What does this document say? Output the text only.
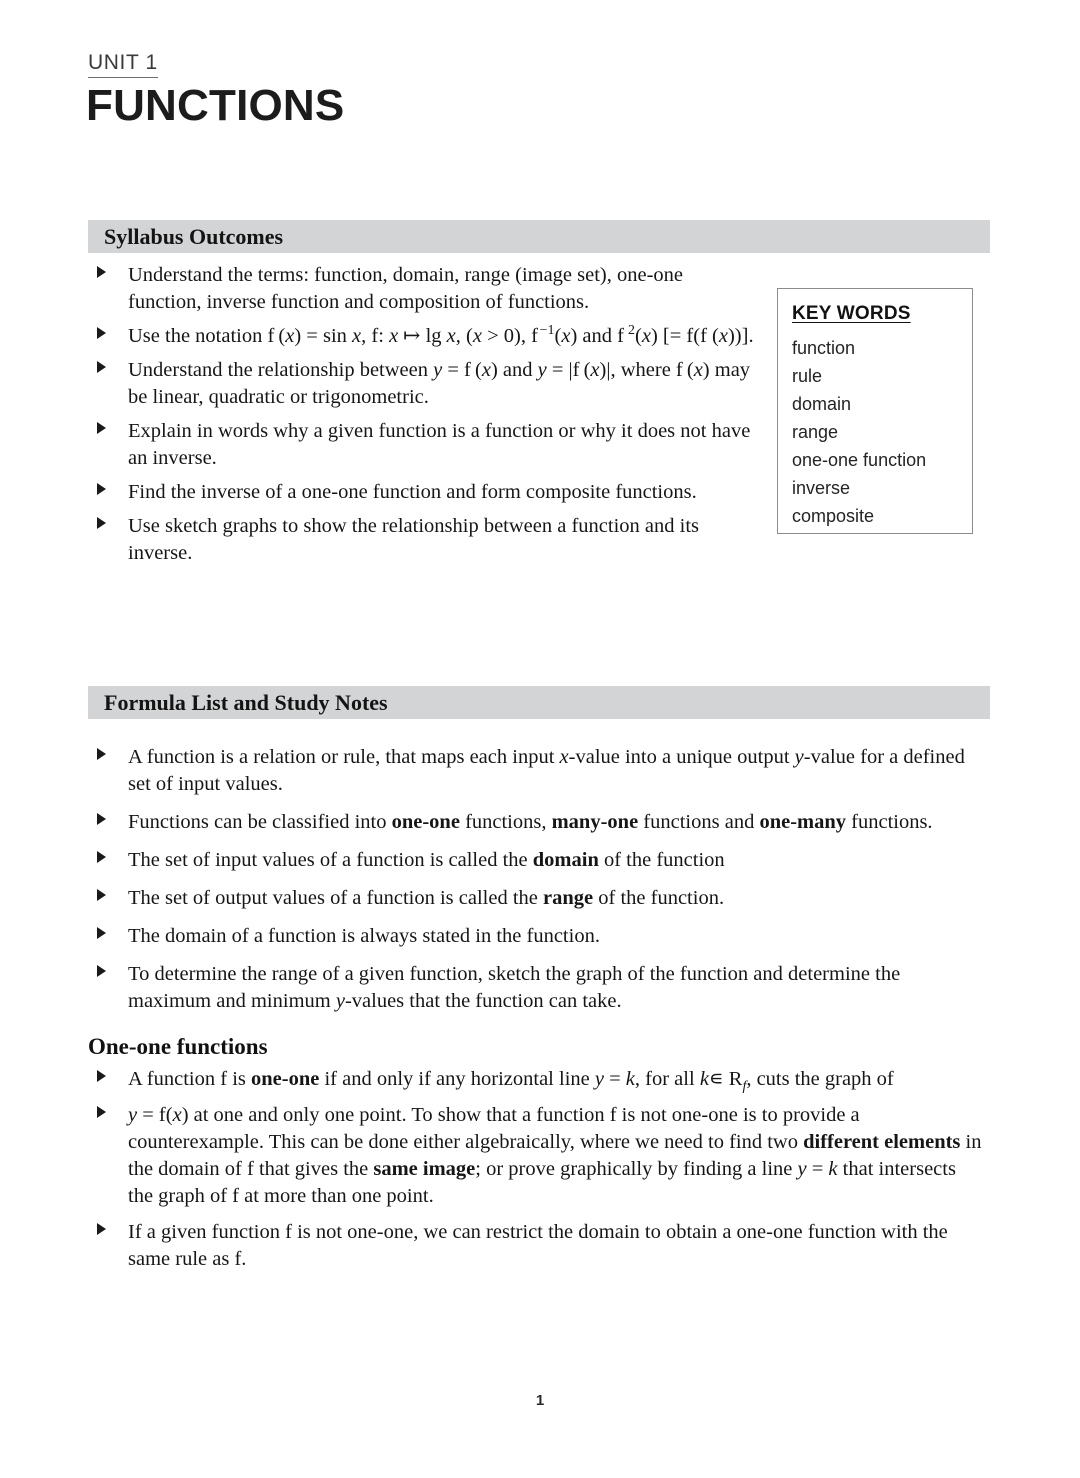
UNIT 1
FUNCTIONS
Syllabus Outcomes
Understand the terms: function, domain, range (image set), one-one function, inverse function and composition of functions.
Use the notation f (x) = sin x, f: x ↦ lg x, (x > 0), f $^{-1}$(x) and f $^2$(x) [= f(f (x))].
Understand the relationship between y = f (x) and y = |f (x)|, where f (x) may be linear, quadratic or trigonometric.
Explain in words why a given function is a function or why it does not have an inverse.
Find the inverse of a one-one function and form composite functions.
Use sketch graphs to show the relationship between a function and its inverse.
KEY WORDS
function
rule
domain
range
one-one function
inverse
composite
Formula List and Study Notes
A function is a relation or rule, that maps each input x-value into a unique output y-value for a defined set of input values.
Functions can be classified into one-one functions, many-one functions and one-many functions.
The set of input values of a function is called the domain of the function
The set of output values of a function is called the range of the function.
The domain of a function is always stated in the function.
To determine the range of a given function, sketch the graph of the function and determine the maximum and minimum y-values that the function can take.
One-one functions
A function f is one-one if and only if any horizontal line y = k, for all k∊ $R_f$, cuts the graph of
y = f(x) at one and only one point. To show that a function f is not one-one is to provide a counterexample. This can be done either algebraically, where we need to find two different elements in the domain of f that gives the same image; or prove graphically by finding a line y = k that intersects the graph of f at more than one point.
If a given function f is not one-one, we can restrict the domain to obtain a one-one function with the same rule as f.
1
